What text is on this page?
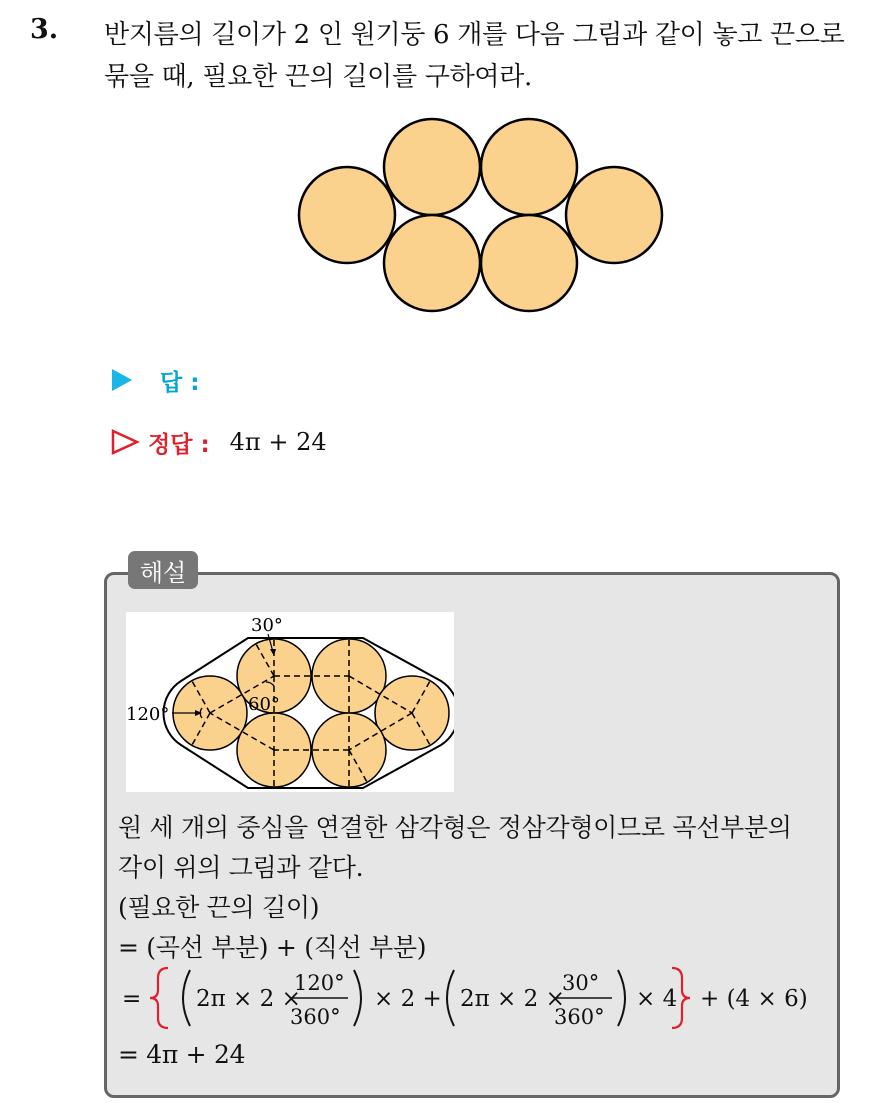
3. 반지름의 길이가 2 인 원기둥 6 개를 다음 그림과 같이 놓고 끈으로
묶을 때, 필요한 끈의 길이를 구하여라.
답 :
정답 : 4π + 24
해설
30°
120°	60°
원 세 개의 중심을 연결한 삼각형은 정삼각형이므로 곡선부분의
각이 위의 그림과 같다.
(필요한 끈의 길이)
= (곡선 부분) + (직선 부분)
= 2π × 2 ×
120°
360°
× 2 + 2π × 2 ×
30°
360°
× 4 + (4 × 6)
= 4π + 24
